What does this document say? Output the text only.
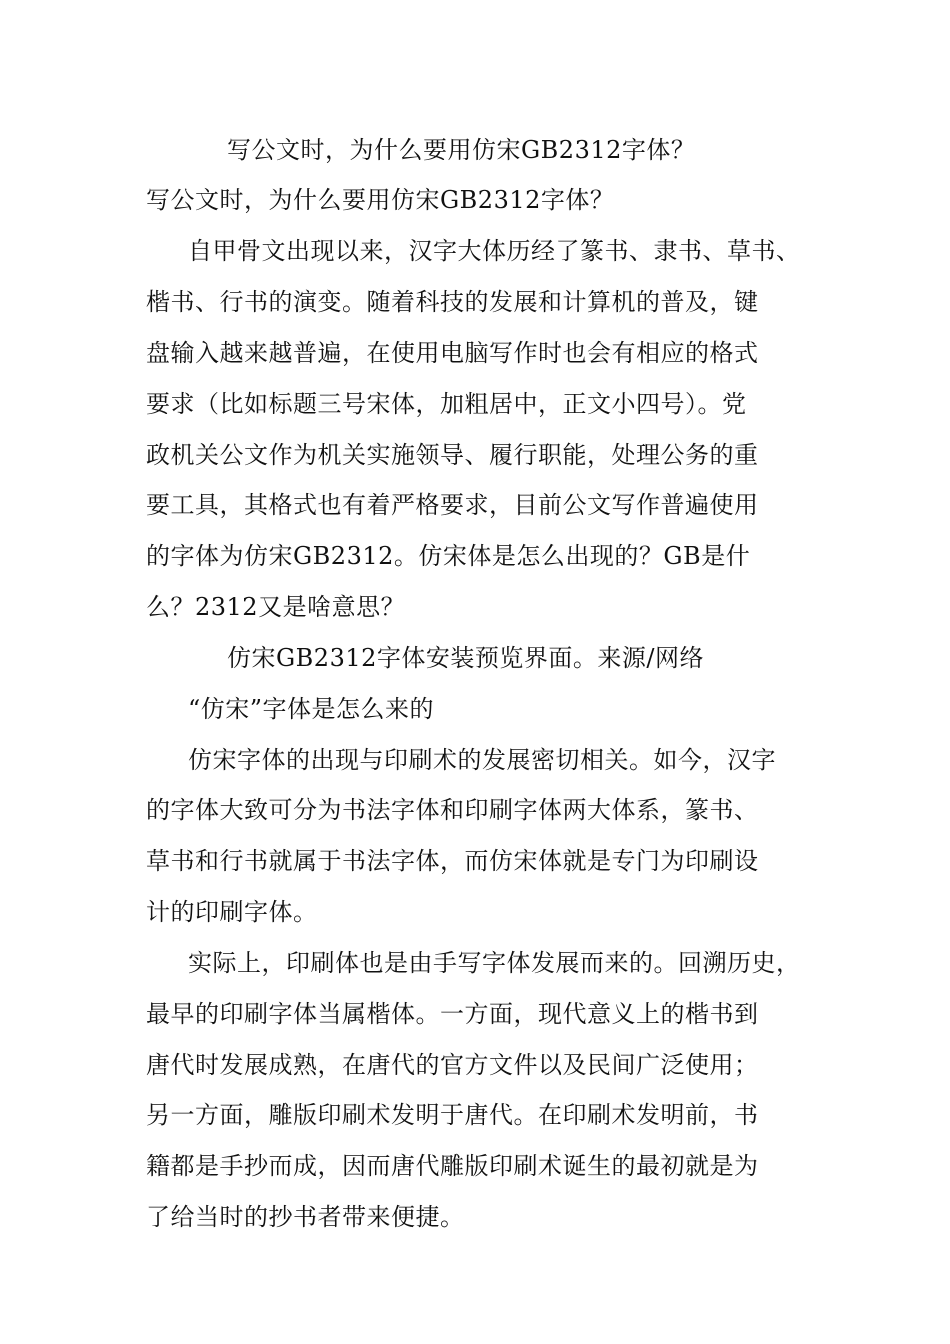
写公文时，为什么要用仿宋GB2312字体？
写公文时，为什么要用仿宋GB2312字体？
自甲骨文出现以来，汉字大体历经了篆书、隶书、草书、
楷书、行书的演变。随着科技的发展和计算机的普及，键
盘输入越来越普遍，在使用电脑写作时也会有相应的格式
要求（比如标题三号宋体，加粗居中，正文小四号）。党
政机关公文作为机关实施领导、履行职能，处理公务的重
要工具，其格式也有着严格要求，目前公文写作普遍使用
的字体为仿宋GB2312。仿宋体是怎么出现的？GB是什
么？2312又是啥意思？
仿宋GB2312字体安装预览界面。来源/网络
“仿宋”字体是怎么来的
仿宋字体的出现与印刷术的发展密切相关。如今，汉字
的字体大致可分为书法字体和印刷字体两大体系，篆书、
草书和行书就属于书法字体，而仿宋体就是专门为印刷设
计的印刷字体。
实际上，印刷体也是由手写字体发展而来的。回溯历史，
最早的印刷字体当属楷体。一方面，现代意义上的楷书到
唐代时发展成熟，在唐代的官方文件以及民间广泛使用；
另一方面，雕版印刷术发明于唐代。在印刷术发明前，书
籍都是手抄而成，因而唐代雕版印刷术诞生的最初就是为
了给当时的抄书者带来便捷。
